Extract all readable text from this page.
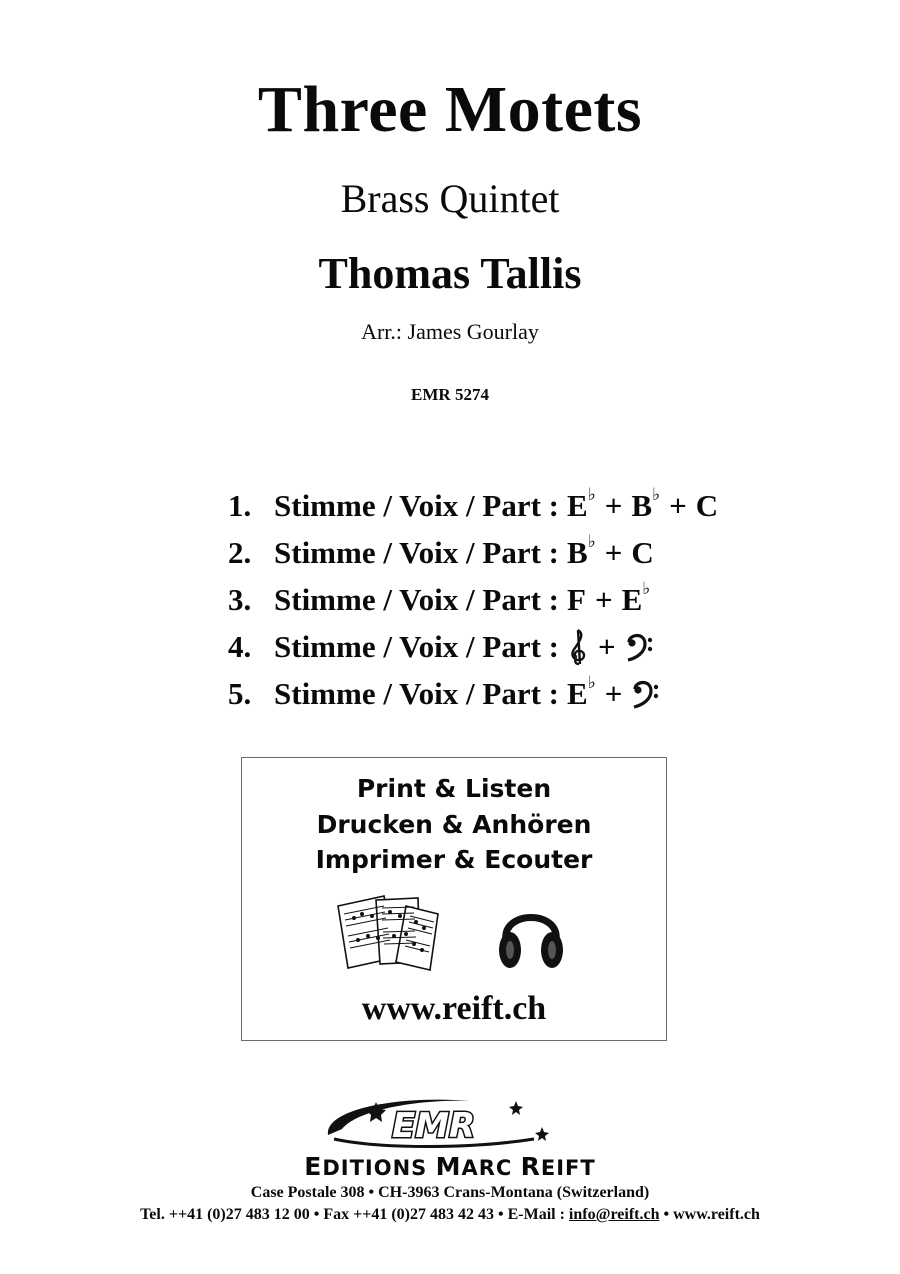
Three Motets
Brass Quintet
Thomas Tallis
Arr.: James Gourlay
EMR 5274
1. Stimme / Voix / Part : E♭ + B♭ + C
2. Stimme / Voix / Part : B♭ + C
3. Stimme / Voix / Part : F + E♭
4. Stimme / Voix / Part : +
5. Stimme / Voix / Part : E♭ +
Print & Listen
Drucken & Anhören
Imprimer & Ecouter
www.reift.ch
EMR
EDITIONS MARC REIFT
Case Postale 308 • CH-3963 Crans-Montana (Switzerland)
Tel. ++41 (0)27 483 12 00 • Fax ++41 (0)27 483 42 43 • E-Mail : info@reift.ch • www.reift.ch
